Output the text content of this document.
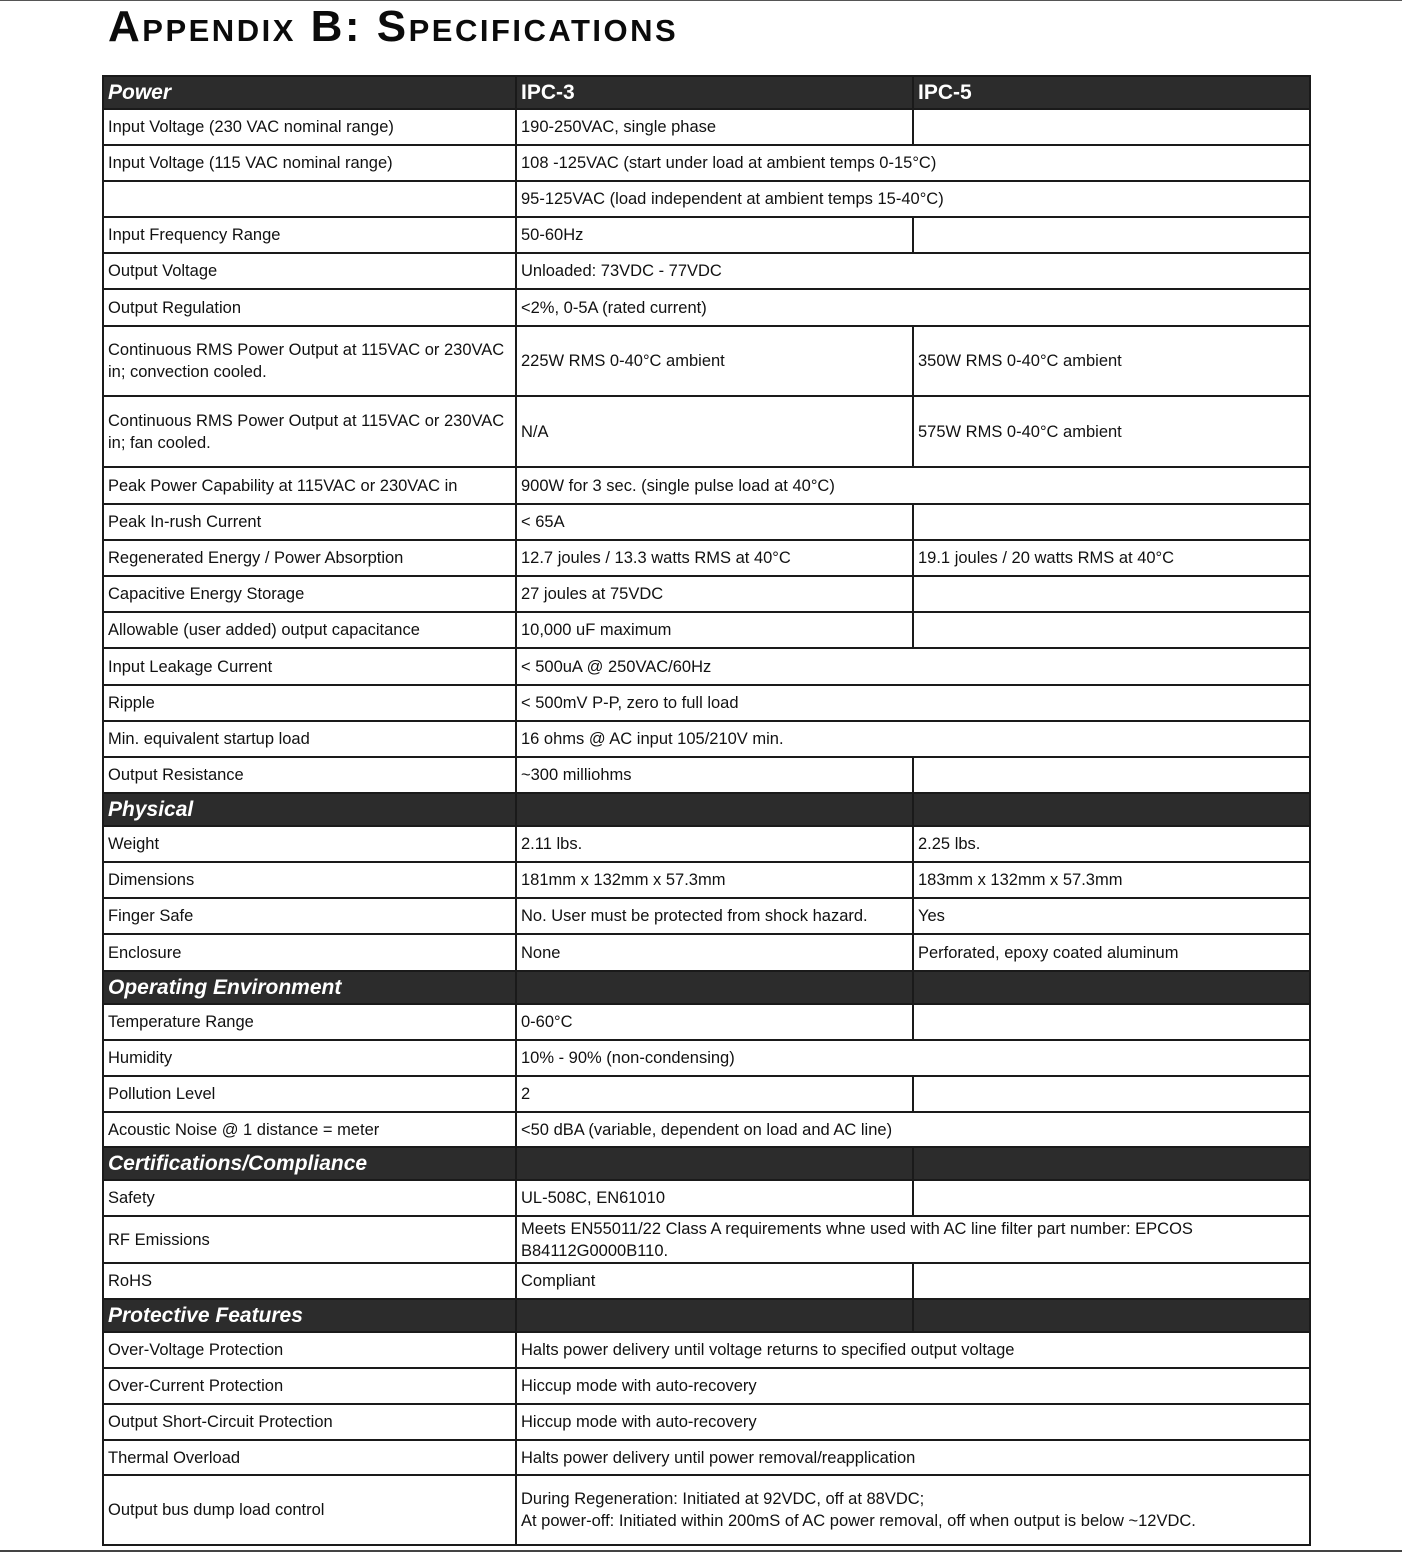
Appendix B: Specifications
Power	IPC-3	IPC-5
Input Voltage (230 VAC nominal range)	190-250VAC, single phase	
Input Voltage (115 VAC nominal range)	108 -125VAC (start under load at ambient temps 0-15°C)	
	95-125VAC (load independent at ambient temps 15-40°C)	
Input Frequency Range	50-60Hz	
Output Voltage	Unloaded: 73VDC - 77VDC	
Output Regulation	<2%, 0-5A (rated current)	
Continuous RMS Power Output at 115VAC or 230VAC in; convection cooled.	225W RMS 0-40°C ambient	350W RMS 0-40°C ambient
Continuous RMS Power Output at 115VAC or 230VAC in; fan cooled.	N/A	575W RMS 0-40°C ambient
Peak Power Capability at 115VAC or 230VAC in	900W for 3 sec. (single pulse load at 40°C)	
Peak In-rush Current	< 65A	
Regenerated Energy / Power Absorption	12.7 joules / 13.3 watts RMS at 40°C	19.1 joules / 20 watts RMS at 40°C
Capacitive Energy Storage	27 joules at 75VDC	
Allowable (user added) output capacitance	10,000 uF maximum	
Input Leakage Current	< 500uA @ 250VAC/60Hz	
Ripple	< 500mV P-P, zero to full load	
Min. equivalent startup load	16 ohms @ AC input 105/210V min.	
Output Resistance	~300 milliohms	
Physical		
Weight	2.11 lbs.	2.25 lbs.
Dimensions	181mm x 132mm x 57.3mm	183mm x 132mm x 57.3mm
Finger Safe	No. User must be protected from shock hazard.	Yes
Enclosure	None	Perforated, epoxy coated aluminum
Operating Environment		
Temperature Range	0-60°C	
Humidity	10% - 90% (non-condensing)	
Pollution Level	2	
Acoustic Noise @ 1 distance = meter	<50 dBA (variable, dependent on load and AC line)	
Certifications/Compliance		
Safety	UL-508C, EN61010	
RF Emissions	Meets EN55011/22 Class A requirements whne used with AC line filter part number: EPCOS
B84112G0000B110.	

RoHS	Compliant	
Protective Features		
Over-Voltage Protection	Halts power delivery until voltage returns to specified output voltage	
Over-Current Protection	Hiccup mode with auto-recovery	
Output Short-Circuit Protection	Hiccup mode with auto-recovery	
Thermal Overload	Halts power delivery until power removal/reapplication	
Output bus dump load control	During Regeneration: Initiated at 92VDC, off at 88VDC;
At power-off: Initiated within 200mS of AC power removal, off when output is below ~12VDC.	
